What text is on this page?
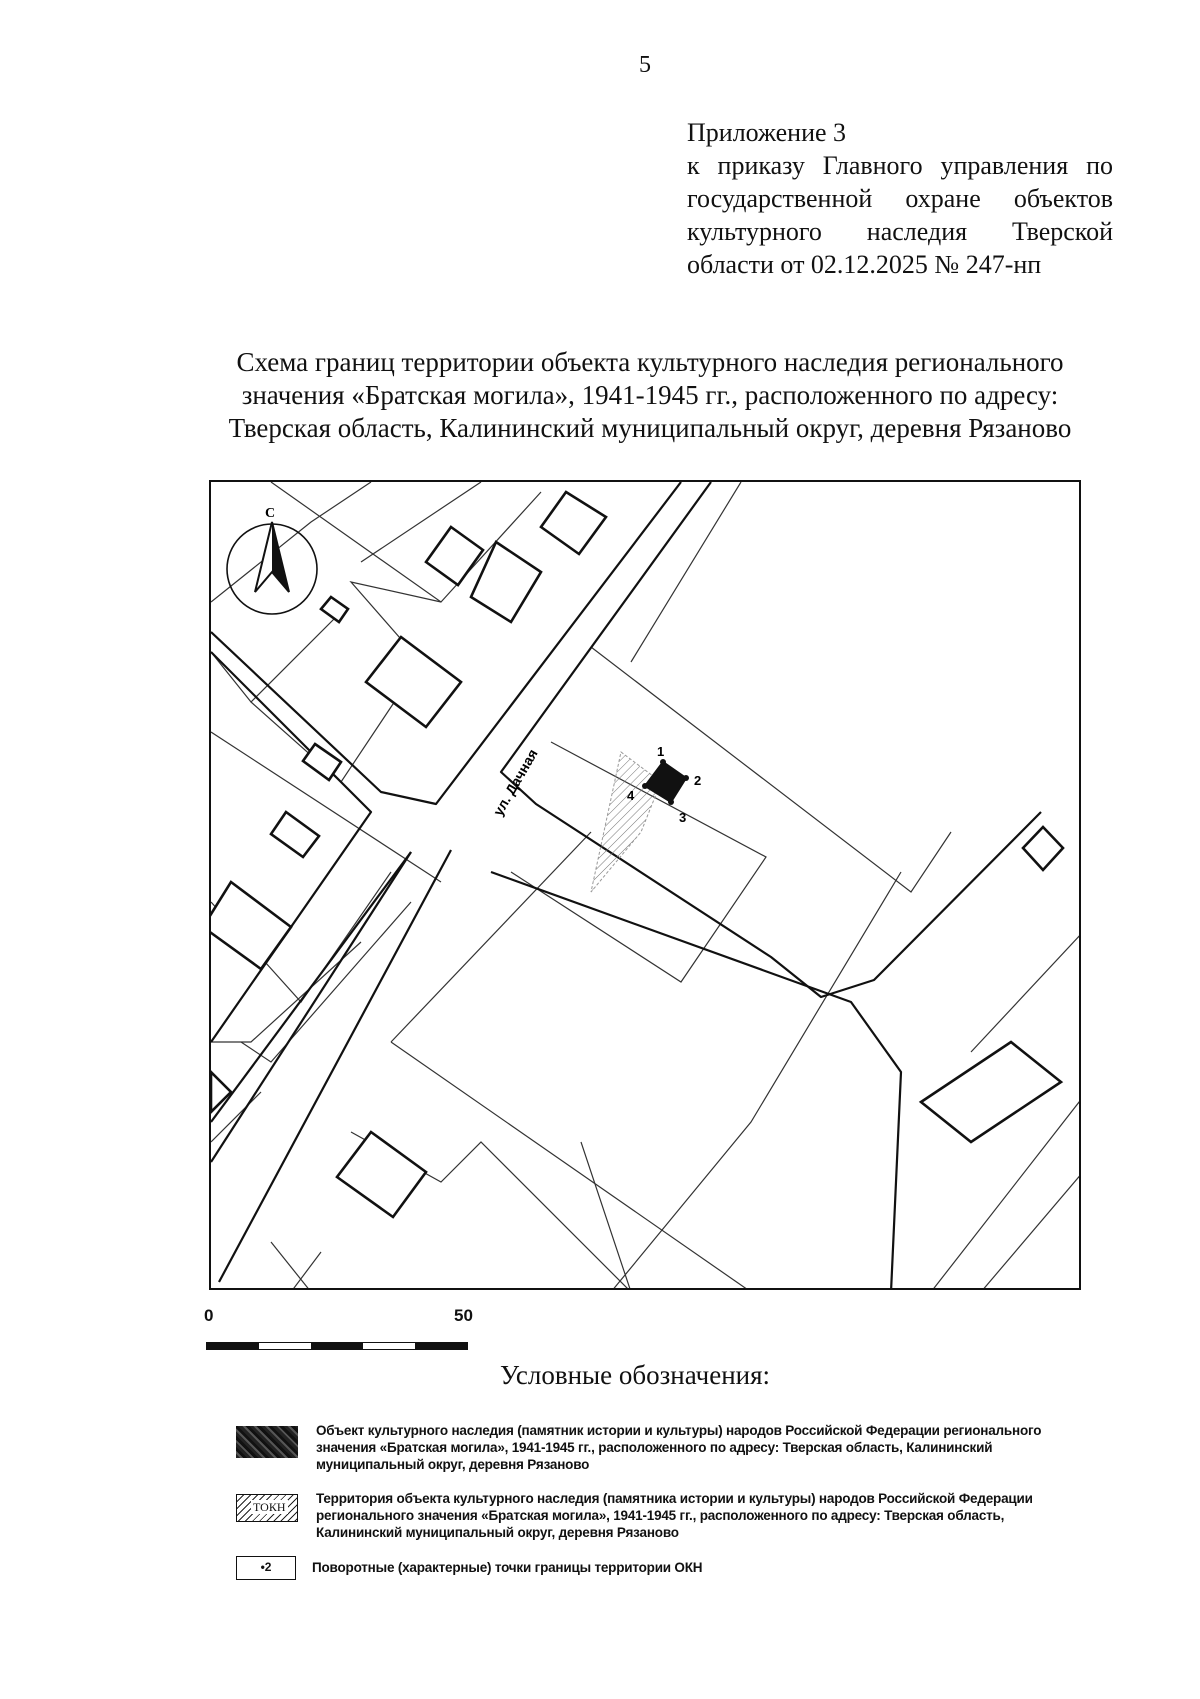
5
Приложение 3
к приказу Главного управления по
государственной охране объектов
культурного наследия Тверской
области от 02.12.2025 № 247-нп
Схема границ территории объекта культурного наследия регионального
значения «Братская могила», 1941-1945 гг., расположенного по адресу:
Тверская область, Калининский муниципальный округ, деревня Рязаново
1
2
3
4
ул. Дачная
С
0	50
Условные обозначения:
Объект культурного наследия (памятник истории и культуры) народов Российской Федерации регионального значения «Братская могила», 1941-1945 гг., расположенного по адресу: Тверская область, Калининский муниципальный округ, деревня Рязаново
ТОКН
Территория объекта культурного наследия (памятника истории и культуры) народов Российской Федерации регионального значения «Братская могила», 1941-1945 гг., расположенного по адресу: Тверская область, Калининский муниципальный округ, деревня Рязаново
•2	Поворотные (характерные) точки границы территории ОКН
